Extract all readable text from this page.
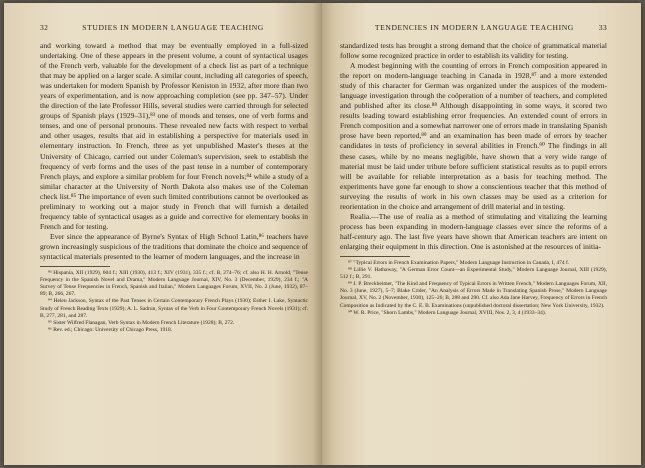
32	STUDIES IN MODERN LANGUAGE TEACHING

and working toward a method that may be eventually employed in a full-sized undertaking. One of these appears in the present volume, a count of syntactical usages of the French verb, valuable for the development of a check list as part of a technique that may be applied on a larger scale. A similar count, including all categories of speech, was undertaken for modern Spanish by Professor Keniston in 1932, after more than two years of experimentation, and is now approaching completion (see pp. 347–57). Under the direction of the late Professor Hills, several studies were carried through for selected groups of Spanish plays (1929–31),⁸³ one of moods and tenses, one of verb forms and tenses, and one of personal pronouns. These revealed new facts with respect to verbal and other usages, results that aid in establishing a perspective for materials used in elementary instruction. In French, three as yet unpublished Master's theses at the University of Chicago, carried out under Coleman's supervision, seek to establish the frequency of verb forms and the uses of the past tense in a number of contemporary French plays, and explore a similar problem for four French novels;⁸⁴ while a study of a similar character at the University of North Dakota also makes use of the Coleman check list.⁸⁵ The importance of even such limited contributions cannot be overlooked as preliminary to working out a major study in French that will furnish a detailed frequency table of syntactical usages as a guide and corrective for elementary books in French and for testing.

Ever since the appearance of Byrne's Syntax of High School Latin,⁸⁶ teachers have grown increasingly suspicious of the traditions that dominate the choice and sequence of syntactical materials presented to the learner of modern languages, and the increase in

⁸³ Hispania, XII (1929), 604 f.; XIII (1930), 413 f.; XIV (1931), 335 f.; cf. B, 274–76; cf. also H. H. Arnold, "Tense Frequency in the Spanish Novel and Drama," Modern Language Journal, XIV, No. 3 (December, 1929), 234 f.; "A Survey of Tense Frequencies in French, Spanish and Italian," Modern Languages Forum, XVII, No. 2 (June, 1932), 87–89; B, 266, 267.

⁸⁴ Helen Jackson, Syntax of the Past Tenses in Certain Contemporary French Plays (1930); Esther I. Lake, Syntactic Study of French Reading Texts (1929); A. L. Sadrun, Syntax of the Verb in Four Contemporary French Novels (1931); cf. B, 277, 281, and 287.

⁸⁵ Sister Wilfred Flanagan, Verb Syntax in Modern French Literature (1928); B, 272.

⁸⁶ Rev. ed.; Chicago: University of Chicago Press, 1918.

TENDENCIES IN MODERN LANGUAGE TEACHING	33

standardized tests has brought a strong demand that the choice of grammatical material follow some recognized practice in order to establish its validity for testing.

A modest beginning with the counting of errors in French composition appeared in the report on modern-language teaching in Canada in 1928,⁸⁷ and a more extended study of this character for German was organized under the auspices of the modern-language investigation through the coöperation of a number of teachers, and completed and published after its close.⁸⁸ Although disappointing in some ways, it scored two results leading toward establishing error frequencies. An extended count of errors in French composition and a somewhat narrower one of errors made in translating Spanish prose have been reported,⁸⁹ and an examination has been made of errors by teacher candidates in tests of proficiency in several abilities in French.⁹⁰ The findings in all these cases, while by no means negligible, have shown that a very wide range of material must be laid under tribute before sufficient statistical results as to pupil errors will be available for reliable interpretation as a basis for teaching method. The experiments have gone far enough to show a conscientious teacher that this method of surveying the results of work in his own classes may be used as a criterion for reorientation in the choice and arrangement of drill material and in testing.

Realia.—The use of realia as a method of stimulating and vitalizing the learning process has been expanding in modern-language classes ever since the reforms of a half-century ago. The last five years have shown that American teachers are intent on enlarging their equipment in this direction. One is astonished at the resources of initia-

⁸⁷ "Typical Errors in French Examination Papers," Modern Language Instruction in Canada, I, 474 f.

⁸⁸ Lillie V. Hathaway, "A German Error Count—an Experimental Study," Modern Language Journal, XIII (1929), 512 f.; B, 291.

⁸⁹ J. P. Breckbeimer, "The Kind and Frequency of Typical Errors in Written French," Modern Languages Forum, XII, No. 3 (June, 1927), 5–7; Blake Crider, "An Analysis of Errors Made in Translating Spanish Prose," Modern Language Journal, XV, No. 2 (November, 1930), 125–26; B, 288 and 290. Cf. also Ada Jane Harvey, Frequency of Errors in French Composition as Indicated by the C. E. B. Examinations (unpublished doctoral dissertation; New York University, 1932).

⁹⁰ W. R. Price, "Shorn Lambs," Modern Language Journal, XVIII, Nos. 2, 3, 4 (1933–34).
